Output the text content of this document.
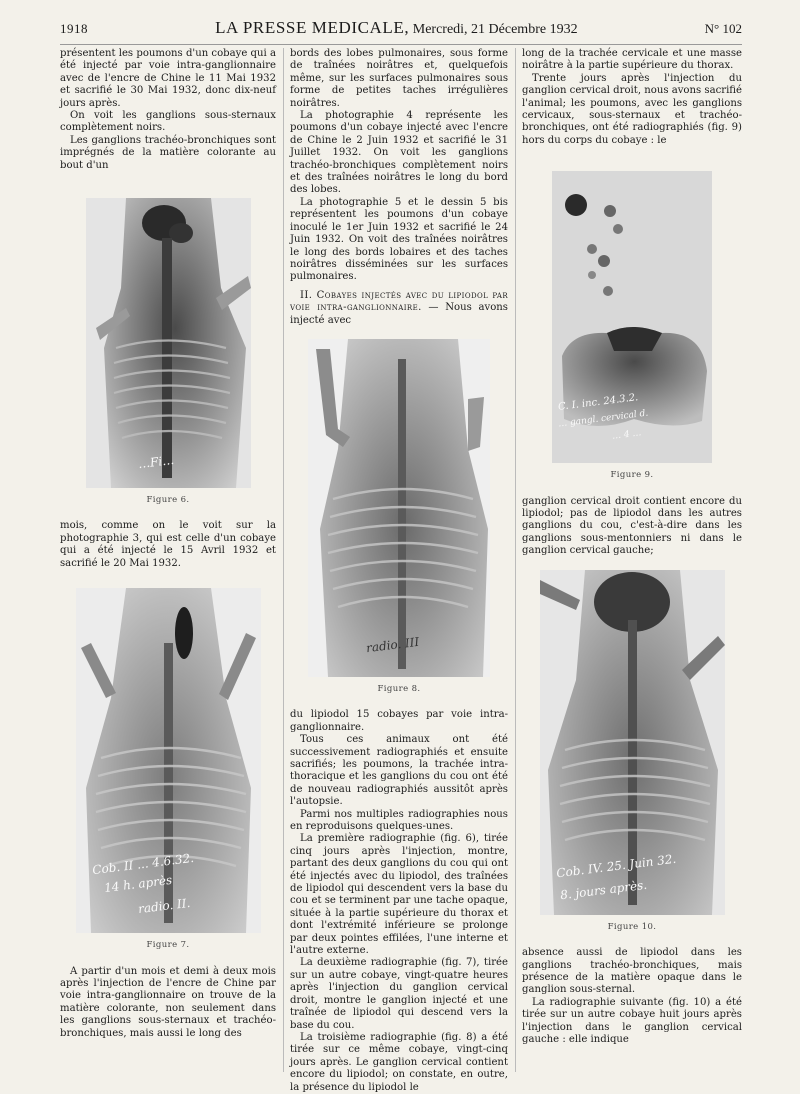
1918	LA PRESSE MEDICALE, Mercredi, 21 Décembre 1932	N° 102

présentent les poumons d'un cobaye qui a été injecté par voie intra-ganglionnaire avec de l'encre de Chine le 11 Mai 1932 et sacrifié le 30 Mai 1932, donc dix-neuf jours après.

On voit les ganglions sous-sternaux complètement noirs.

Les ganglions trachéo-bronchiques sont imprégnés de la matière colorante au bout d'un

…Fi…
Figure 6.

mois, comme on le voit sur la photographie 3, qui est celle d'un cobaye qui a été injecté le 15 Avril 1932 et sacrifié le 20 Mai 1932.

Cob. II ... 4.6.32.
14 h. après
radio. II.
Figure 7.

A partir d'un mois et demi à deux mois après l'injection de l'encre de Chine par voie intra-ganglionnaire on trouve de la matière colorante, non seulement dans les ganglions sous-sternaux et trachéo-bronchiques, mais aussi le long des

bords des lobes pulmonaires, sous forme de traînées noirâtres et, quelquefois même, sur les surfaces pulmonaires sous forme de petites taches irrégulières noirâtres.

La photographie 4 représente les poumons d'un cobaye injecté avec l'encre de Chine le 2 Juin 1932 et sacrifié le 31 Juillet 1932. On voit les ganglions trachéo-bronchiques complètement noirs et des traînées noirâtres le long du bord des lobes.

La photographie 5 et le dessin 5 bis représentent les poumons d'un cobaye inoculé le 1er Juin 1932 et sacrifié le 24 Juin 1932. On voit des traînées noirâtres le long des bords lobaires et des taches noirâtres disséminées sur les surfaces pulmonaires.

II. Cobayes injectés avec du lipiodol par voie intra-ganglionnaire. — Nous avons injecté avec

radio. III
Figure 8.

du lipiodol 15 cobayes par voie intra-ganglionnaire.

Tous ces animaux ont été successivement radiographiés et ensuite sacrifiés; les poumons, la trachée intra-thoracique et les ganglions du cou ont été de nouveau radiographiés aussitôt après l'autopsie.

Parmi nos multiples radiographies nous en reproduisons quelques-unes.

La première radiographie (fig. 6), tirée cinq jours après l'injection, montre, partant des deux ganglions du cou qui ont été injectés avec du lipiodol, des traînées de lipiodol qui descendent vers la base du cou et se terminent par une tache opaque, située à la partie supérieure du thorax et dont l'extrémité inférieure se prolonge par deux pointes effilées, l'une interne et l'autre externe.

La deuxième radiographie (fig. 7), tirée sur un autre cobaye, vingt-quatre heures après l'injection du ganglion cervical droit, montre le ganglion injecté et une traînée de lipiodol qui descend vers la base du cou.

La troisième radiographie (fig. 8) a été tirée sur ce même cobaye, vingt-cinq jours après. Le ganglion cervical contient encore du lipiodol; on constate, en outre, la présence du lipiodol le

long de la trachée cervicale et une masse noirâtre à la partie supérieure du thorax.

Trente jours après l'injection du ganglion cervical droit, nous avons sacrifié l'animal; les poumons, avec les ganglions cervicaux, sous-sternaux et trachéo-bronchiques, ont été radiographiés (fig. 9) hors du corps du cobaye : le

C. I. inc. 24.3.2.
… gangl. cervical d.
… 4 …
Figure 9.

ganglion cervical droit contient encore du lipiodol; pas de lipiodol dans les autres ganglions du cou, c'est-à-dire dans les ganglions sous-mentonniers ni dans le ganglion cervical gauche;

Cob. IV. 25. Juin 32.
8. jours après.
Figure 10.

absence aussi de lipiodol dans les ganglions trachéo-bronchiques, mais présence de la matière opaque dans le ganglion sous-sternal.

La radiographie suivante (fig. 10) a été tirée sur un autre cobaye huit jours après l'injection dans le ganglion cervical gauche : elle indique
